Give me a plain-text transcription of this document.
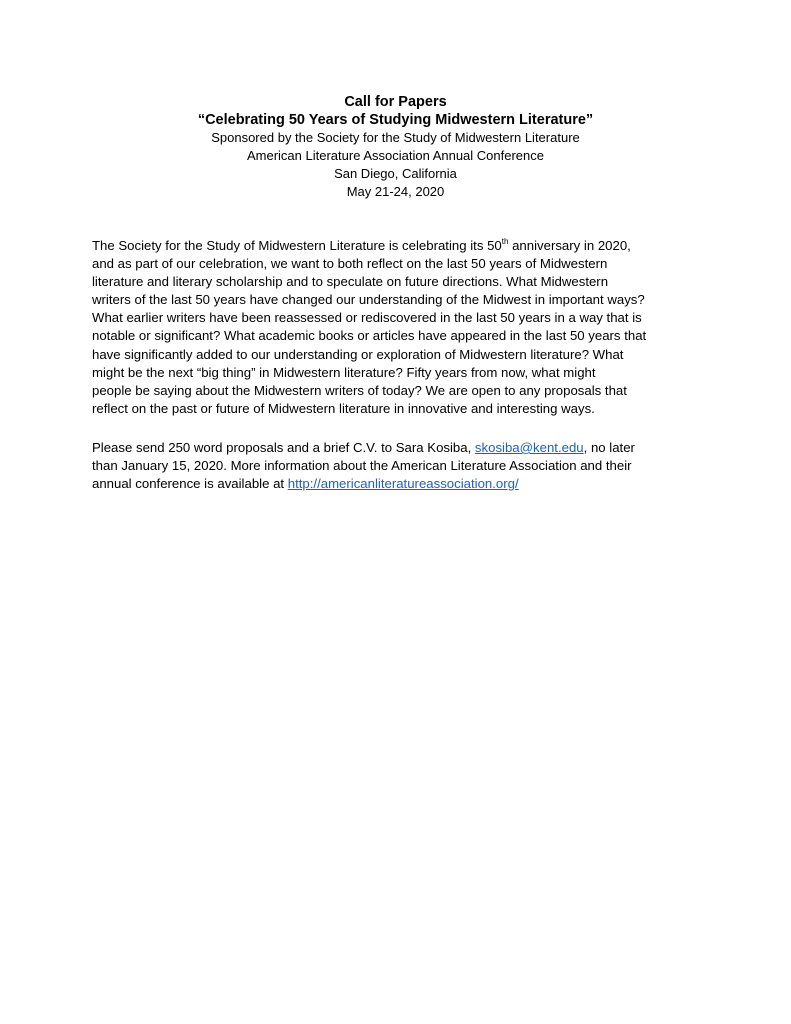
Call for Papers
“Celebrating 50 Years of Studying Midwestern Literature”
Sponsored by the Society for the Study of Midwestern Literature
American Literature Association Annual Conference
San Diego, California
May 21-24, 2020
The Society for the Study of Midwestern Literature is celebrating its 50th anniversary in 2020,
and as part of our celebration, we want to both reflect on the last 50 years of Midwestern
literature and literary scholarship and to speculate on future directions. What Midwestern
writers of the last 50 years have changed our understanding of the Midwest in important ways?
What earlier writers have been reassessed or rediscovered in the last 50 years in a way that is
notable or significant? What academic books or articles have appeared in the last 50 years that
have significantly added to our understanding or exploration of Midwestern literature? What
might be the next “big thing” in Midwestern literature? Fifty years from now, what might
people be saying about the Midwestern writers of today? We are open to any proposals that
reflect on the past or future of Midwestern literature in innovative and interesting ways.
Please send 250 word proposals and a brief C.V. to Sara Kosiba, skosiba@kent.edu, no later
than January 15, 2020. More information about the American Literature Association and their
annual conference is available at http://americanliteratureassociation.org/
